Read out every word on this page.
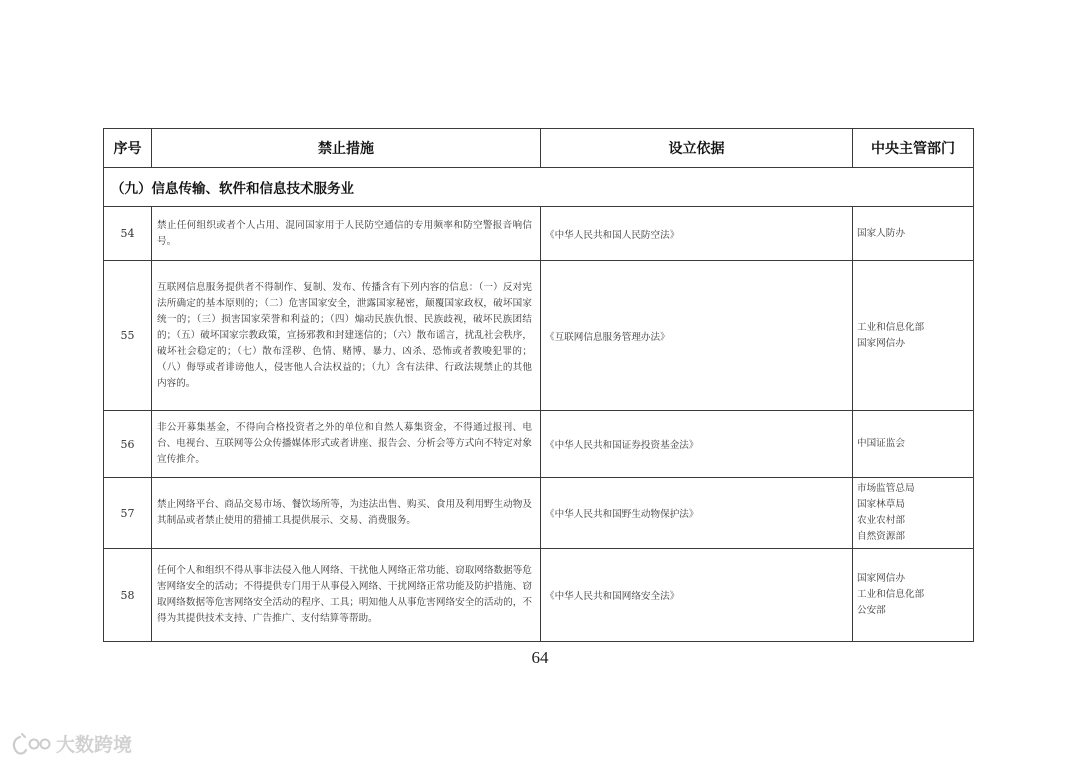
序号	禁止措施	设立依据	中央主管部门
（九）信息传输、软件和信息技术服务业			
54	禁止任何组织或者个人占用、混同国家用于人民防空通信的专用频率和防空警报音响信号。	《中华人民共和国人民防空法》	国家人防办

55	互联网信息服务提供者不得制作、复制、发布、传播含有下列内容的信息：（一）反对宪法所确定的基本原则的；（二）危害国家安全，泄露国家秘密，颠覆国家政权，破坏国家统一的；（三）损害国家荣誉和利益的；（四）煽动民族仇恨、民族歧视，破坏民族团结的；（五）破坏国家宗教政策，宣扬邪教和封建迷信的；（六）散布谣言，扰乱社会秩序，破坏社会稳定的；（七）散布淫秽、色情、赌博、暴力、凶杀、恐怖或者教唆犯罪的；（八）侮辱或者诽谤他人，侵害他人合法权益的；（九）含有法律、行政法规禁止的其他内容的。	《互联网信息服务管理办法》	工业和信息化部
国家网信办

56	非公开募集基金，不得向合格投资者之外的单位和自然人募集资金，不得通过报刊、电台、电视台、互联网等公众传播媒体形式或者讲座、报告会、分析会等方式向不特定对象宣传推介。	《中华人民共和国证券投资基金法》	中国证监会

57	禁止网络平台、商品交易市场、餐饮场所等，为违法出售、购买、食用及利用野生动物及其制品或者禁止使用的猎捕工具提供展示、交易、消费服务。	《中华人民共和国野生动物保护法》	市场监管总局
国家林草局
农业农村部
自然资源部

58	任何个人和组织不得从事非法侵入他人网络、干扰他人网络正常功能、窃取网络数据等危害网络安全的活动；不得提供专门用于从事侵入网络、干扰网络正常功能及防护措施、窃取网络数据等危害网络安全活动的程序、工具；明知他人从事危害网络安全的活动的，不得为其提供技术支持、广告推广、支付结算等帮助。	《中华人民共和国网络安全法》	国家网信办
工业和信息化部
公安部
64
大数跨境
